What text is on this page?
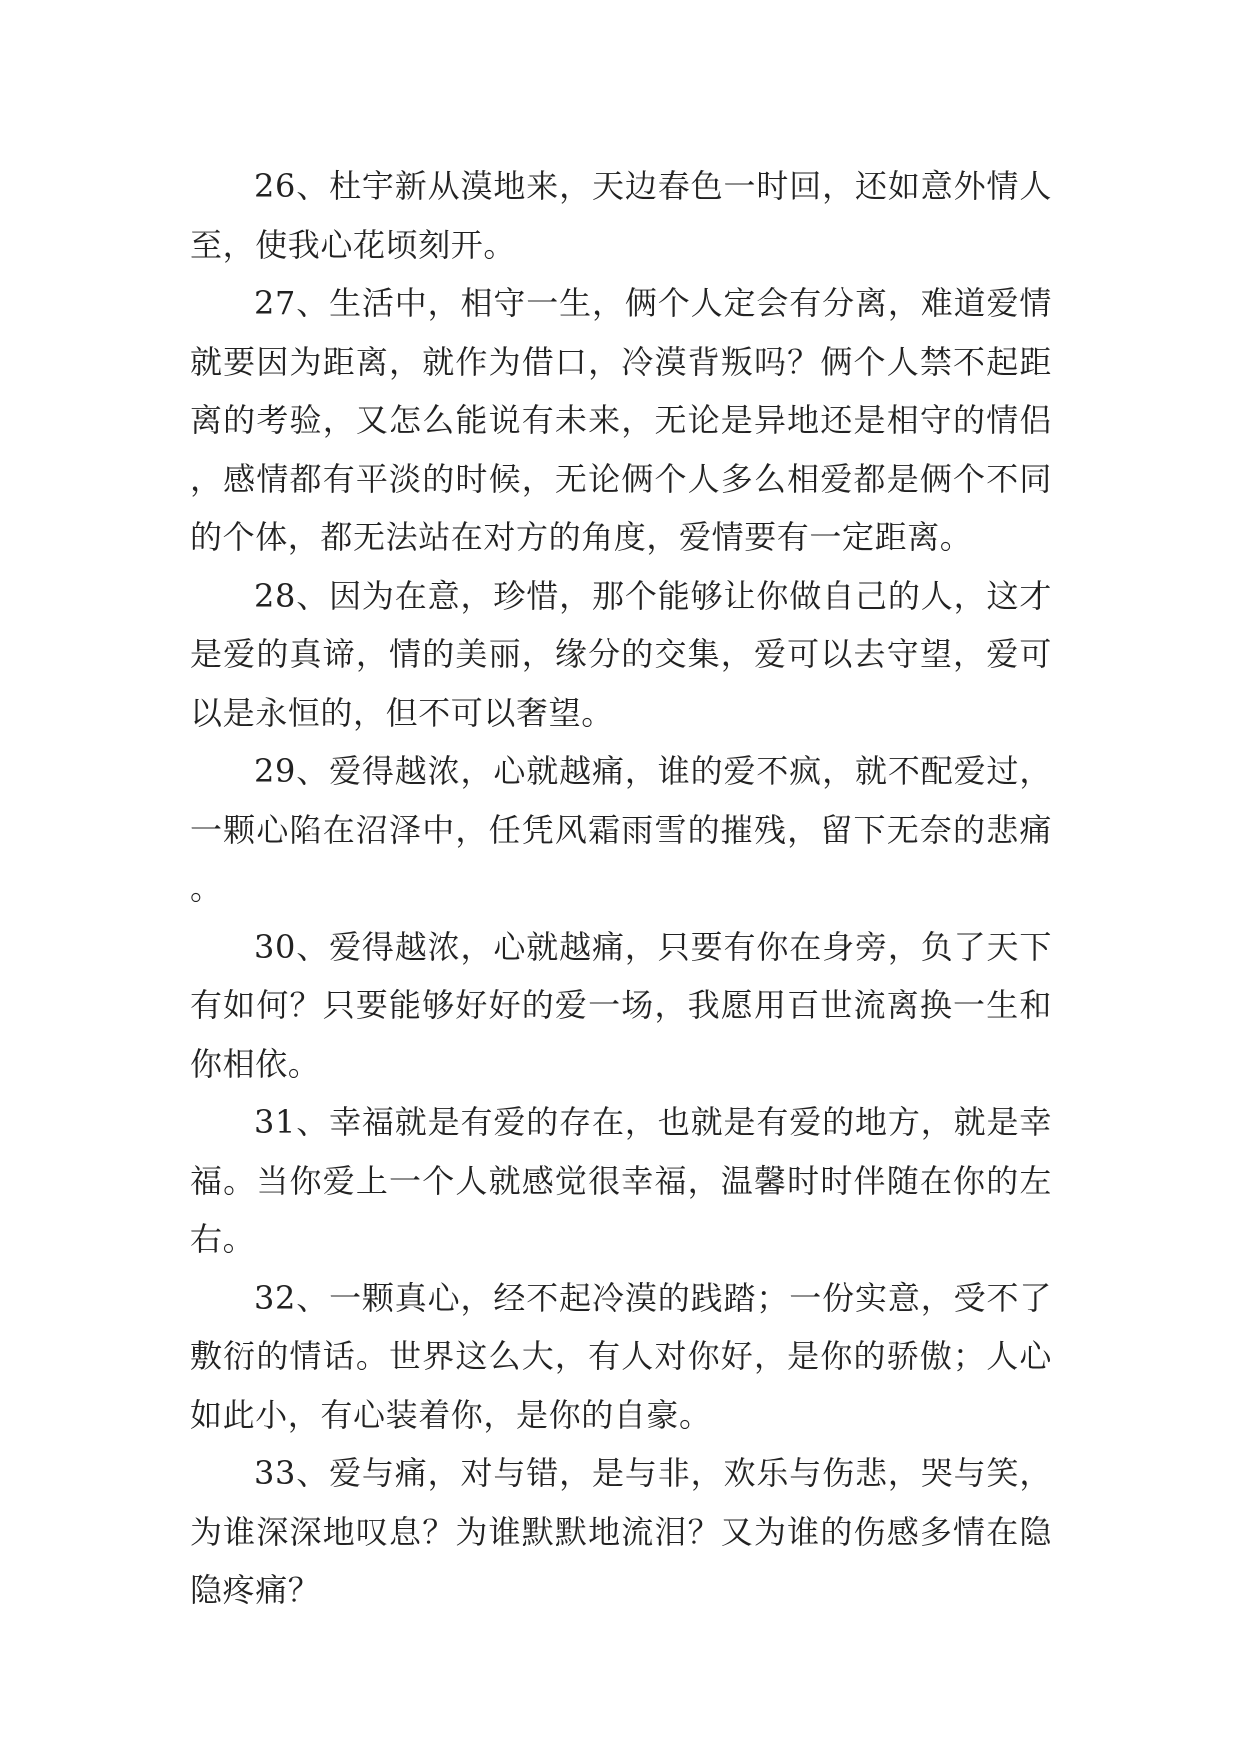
26、杜宇新从漠地来，天边春色一时回，还如意外情人至，使我心花顷刻开。

27、生活中，相守一生，俩个人定会有分离，难道爱情就要因为距离，就作为借口，冷漠背叛吗？俩个人禁不起距离的考验，又怎么能说有未来，无论是异地还是相守的情侣，感情都有平淡的时候，无论俩个人多么相爱都是俩个不同的个体，都无法站在对方的角度，爱情要有一定距离。

28、因为在意，珍惜，那个能够让你做自己的人，这才是爱的真谛，情的美丽，缘分的交集，爱可以去守望，爱可以是永恒的，但不可以奢望。

29、爱得越浓，心就越痛，谁的爱不疯，就不配爱过，一颗心陷在沼泽中，任凭风霜雨雪的摧残，留下无奈的悲痛。

30、爱得越浓，心就越痛，只要有你在身旁，负了天下有如何？只要能够好好的爱一场，我愿用百世流离换一生和你相依。

31、幸福就是有爱的存在，也就是有爱的地方，就是幸福。当你爱上一个人就感觉很幸福，温馨时时伴随在你的左右。

32、一颗真心，经不起冷漠的践踏；一份实意，受不了敷衍的情话。世界这么大，有人对你好，是你的骄傲；人心如此小，有心装着你，是你的自豪。

33、爱与痛，对与错，是与非，欢乐与伤悲，哭与笑，为谁深深地叹息？为谁默默地流泪？又为谁的伤感多情在隐隐疼痛？
